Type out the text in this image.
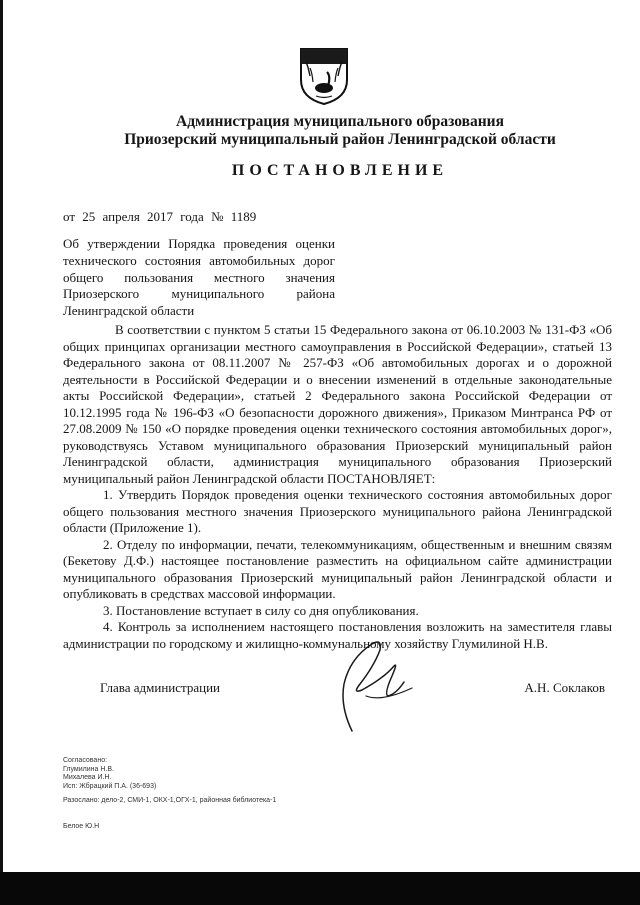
Администрация муниципального образования
Приозерский муниципальный район Ленинградской области
ПОСТАНОВЛЕНИЕ
от 25 апреля 2017 года № 1189
Об утверждении Порядка проведения оценки
технического состояния автомобильных дорог
общего пользования местного значения
Приозерского муниципального района
Ленинградской области

В соответствии с пунктом 5 статьи 15 Федерального закона от 06.10.2003 № 131-ФЗ «Об общих принципах организации местного самоуправления в Российской Федерации», статьей 13 Федерального закона от 08.11.2007 № 257-ФЗ «Об автомобильных дорогах и о дорожной деятельности в Российской Федерации и о внесении изменений в отдельные законодательные акты Российской Федерации», статьей 2 Федерального закона Российской Федерации от 10.12.1995 года № 196-ФЗ «О безопасности дорожного движения», Приказом Минтранса РФ от 27.08.2009 № 150 «О порядке проведения оценки технического состояния автомобильных дорог», руководствуясь Уставом муниципального образования Приозерский муниципальный район Ленинградской области, администрация муниципального образования Приозерский муниципальный район Ленинградской области ПОСТАНОВЛЯЕТ:

1. Утвердить Порядок проведения оценки технического состояния автомобильных дорог общего пользования местного значения Приозерского муниципального района Ленинградской области (Приложение 1).

2. Отделу по информации, печати, телекоммуникациям, общественным и внешним связям (Бекетову Д.Ф.) настоящее постановление разместить на официальном сайте администрации муниципального образования Приозерский муниципальный район Ленинградской области и опубликовать в средствах массовой информации.

3. Постановление вступает в силу со дня опубликования.

4. Контроль за исполнением настоящего постановления возложить на заместителя главы администрации по городскому и жилищно-коммунальному хозяйству Глумилиной Н.В.

Глава администрации	А.Н. Соклаков
Согласовано:
Глумилина Н.В.
Михалева И.Н.
Исп: Жбрацкий П.А. (36-693)
Разослано: дело-2, СМИ-1, ОКХ-1,ОГХ-1, районная библиотека-1
Белое Ю.Н
